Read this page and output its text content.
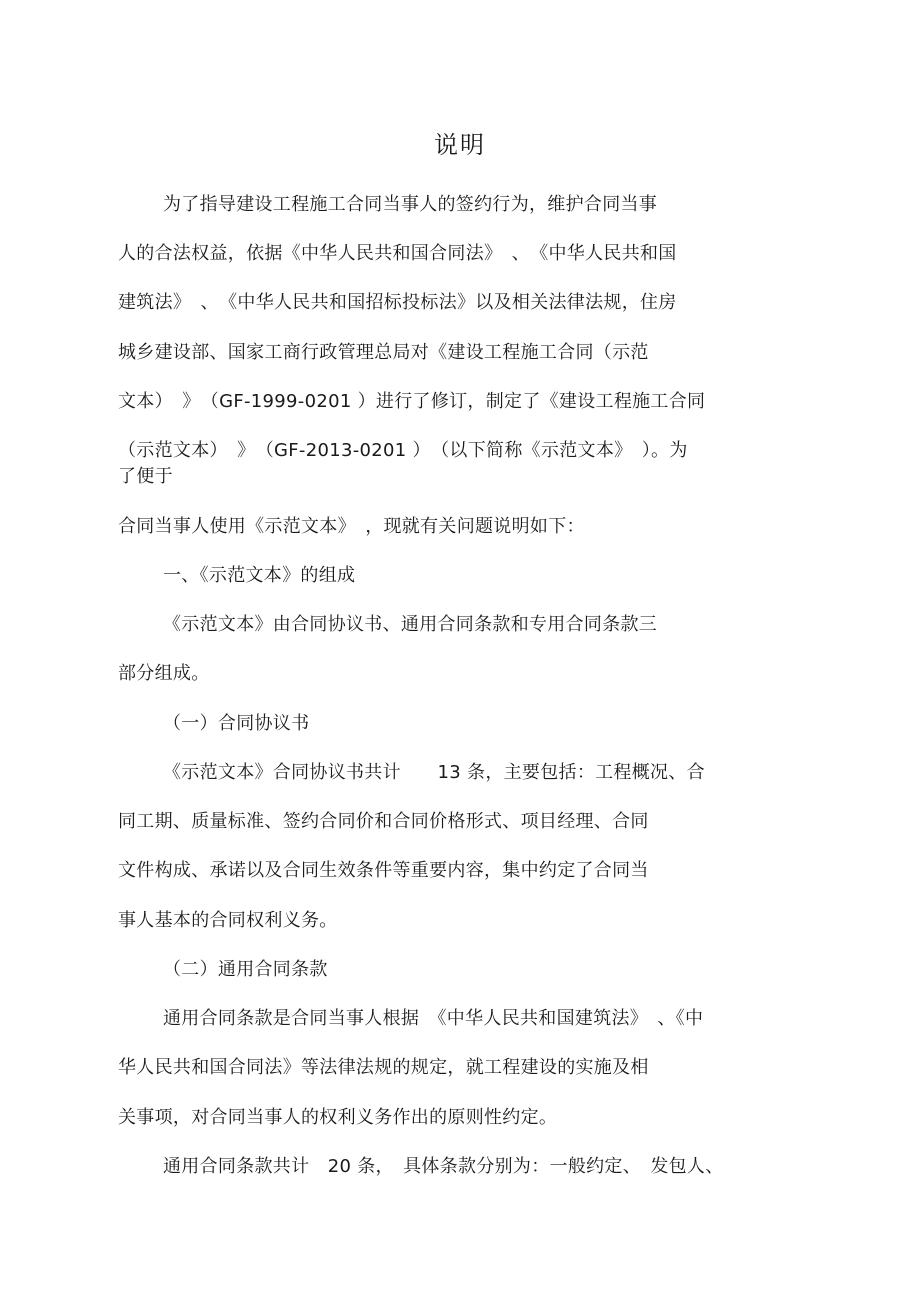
说明
为了指导建设工程施工合同当事人的签约行为，维护合同当事
人的合法权益，依据《中华人民共和国合同法》　、　《中华人民共和国
建筑法》　、　《中华人民共和国招标投标法》以及相关法律法规，住房
城乡建设部、国家工商行政管理总局对《建设工程施工合同（示范
文本）　》　（GF-1999-0201 ）进行了修订，制定了《建设工程施工合同
（示范文本）　》　（GF-2013-0201 ）　（以下简称《示范文本》　）。为
了便于
合同当事人使用《示范文本》　，现就有关问题说明如下：
一、《示范文本》的组成
《示范文本》由合同协议书、通用合同条款和专用合同条款三
部分组成。
（一）合同协议书
《示范文本》合同协议书共计　　13 条，主要包括：工程概况、合
同工期、质量标准、签约合同价和合同价格形式、项目经理、合同
文件构成、承诺以及合同生效条件等重要内容，集中约定了合同当
事人基本的合同权利义务。
（二）通用合同条款
通用合同条款是合同当事人根据　《中华人民共和国建筑法》　、《中
华人民共和国合同法》等法律法规的规定，就工程建设的实施及相
关事项，对合同当事人的权利义务作出的原则性约定。
通用合同条款共计　20 条，　具体条款分别为：一般约定、　发包人、
